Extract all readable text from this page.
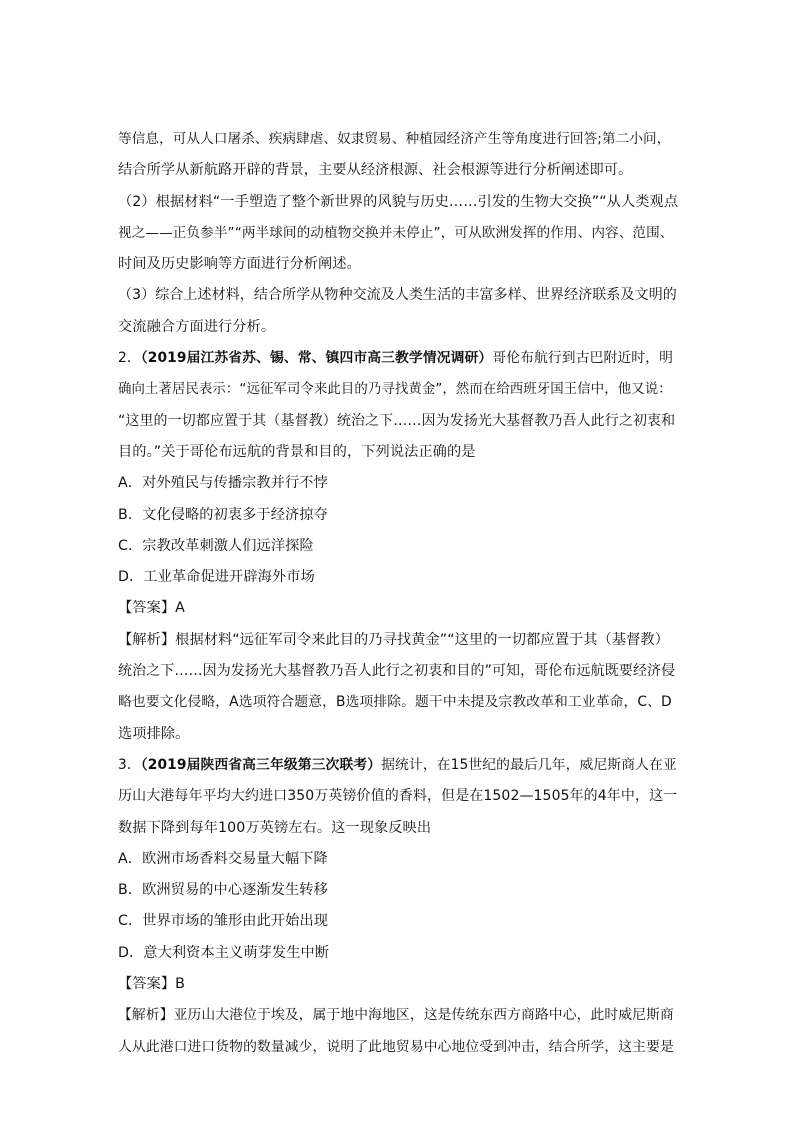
等信息，可从人口屠杀、疾病肆虐、奴隶贸易、种植园经济产生等角度进行回答;第二小问，
结合所学从新航路开辟的背景，主要从经济根源、社会根源等进行分析阐述即可。
（2）根据材料“一手塑造了整个新世界的风貌与历史……引发的生物大交换”“从人类观点
视之——正负参半”“两半球间的动植物交换并未停止”，可从欧洲发挥的作用、内容、范围、
时间及历史影响等方面进行分析阐述。
（3）综合上述材料，结合所学从物种交流及人类生活的丰富多样、世界经济联系及文明的
交流融合方面进行分析。
2．（2019届江苏省苏、锡、常、镇四市高三教学情况调研）哥伦布航行到古巴附近时，明
确向土著居民表示：“远征军司令来此目的乃寻找黄金”，然而在给西班牙国王信中，他又说：
“这里的一切都应置于其（基督教）统治之下……因为发扬光大基督教乃吾人此行之初衷和
目的。”关于哥伦布远航的背景和目的，下列说法正确的是
A．对外殖民与传播宗教并行不悖
B．文化侵略的初衷多于经济掠夺
C．宗教改革刺激人们远洋探险
D．工业革命促进开辟海外市场
【答案】A
【解析】根据材料“远征军司令来此目的乃寻找黄金”“这里的一切都应置于其（基督教）
统治之下……因为发扬光大基督教乃吾人此行之初衷和目的”可知，哥伦布远航既要经济侵
略也要文化侵略，A选项符合题意，B选项排除。题干中未提及宗教改革和工业革命，C、D
选项排除。
3．（2019届陕西省高三年级第三次联考）据统计，在15世纪的最后几年，威尼斯商人在亚
历山大港每年平均大约进口350万英镑价值的香料，但是在1502—1505年的4年中，这一
数据下降到每年100万英镑左右。这一现象反映出
A．欧洲市场香料交易量大幅下降
B．欧洲贸易的中心逐渐发生转移
C．世界市场的雏形由此开始出现
D．意大利资本主义萌芽发生中断
【答案】B
【解析】亚历山大港位于埃及，属于地中海地区，这是传统东西方商路中心，此时威尼斯商
人从此港口进口货物的数量减少，说明了此地贸易中心地位受到冲击，结合所学，这主要是
